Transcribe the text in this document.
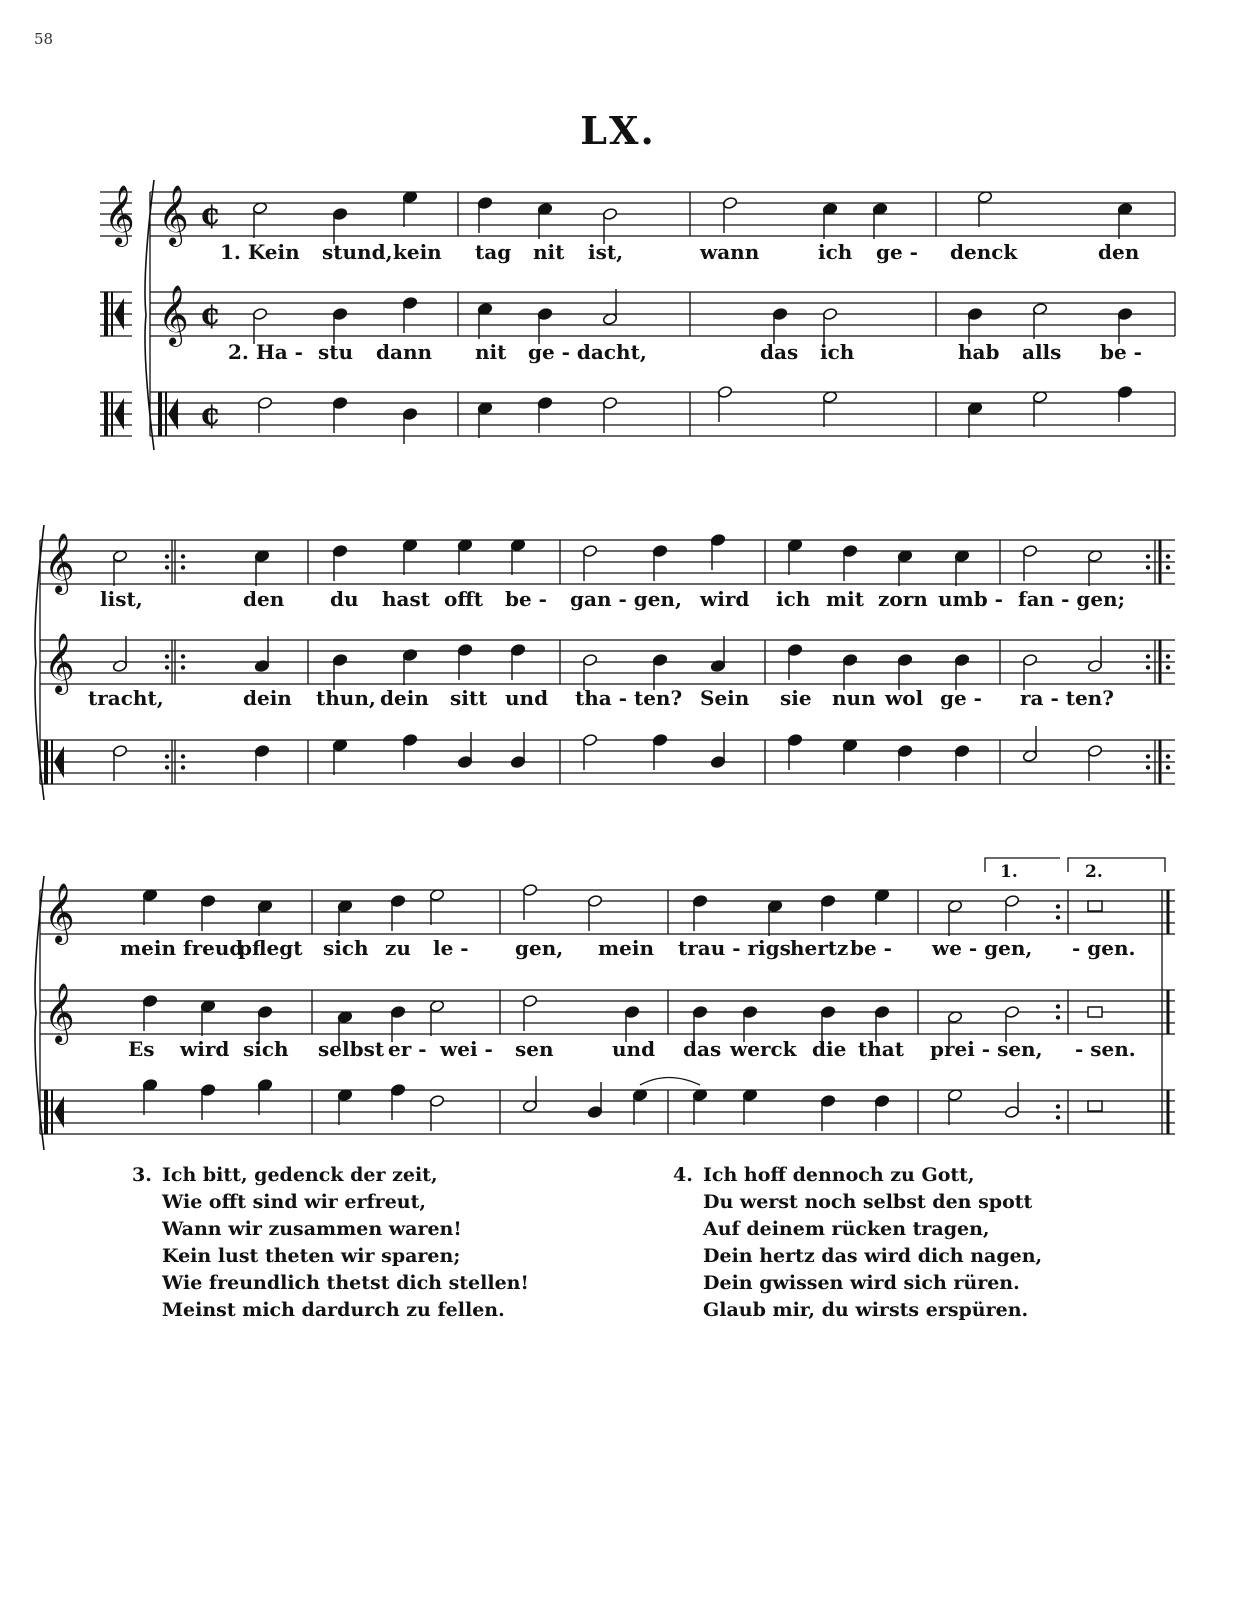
58
LX.
𝄞 𝄞
𝄞
¢
¢
¢
𝄞
𝄞
𝄞
𝄞
1. Kein stund, kein tag nit ist,	wann	ich ge - denck	den
2. Ha - stu dann nit ge - dacht,	das ich	hab alls be -
list,	den du hast offt be - gan - gen, wird ich mit zorn umb - fan - gen;
tracht,	dein thun, dein sitt und tha - ten? Sein sie nun wol ge - ra - ten?
mein freud
pflegt sich zu le - gen, mein trau - rigs hertz be - we - gen, - gen.
Es wird sich selbst er - wei - sen	und das werck die that prei - sen, - sen.
1.	2.
3. Ich bitt, gedenck der zeit,
Wie offt sind wir erfreut,
Wann wir zusammen waren!
Kein lust theten wir sparen;
Wie freundlich thetst dich stellen!
Meinst mich dardurch zu fellen.
4. Ich hoff dennoch zu Gott,
Du werst noch selbst den spott
Auf deinem rücken tragen,
Dein hertz das wird dich nagen,
Dein gwissen wird sich rüren.
Glaub mir, du wirsts erspüren.
